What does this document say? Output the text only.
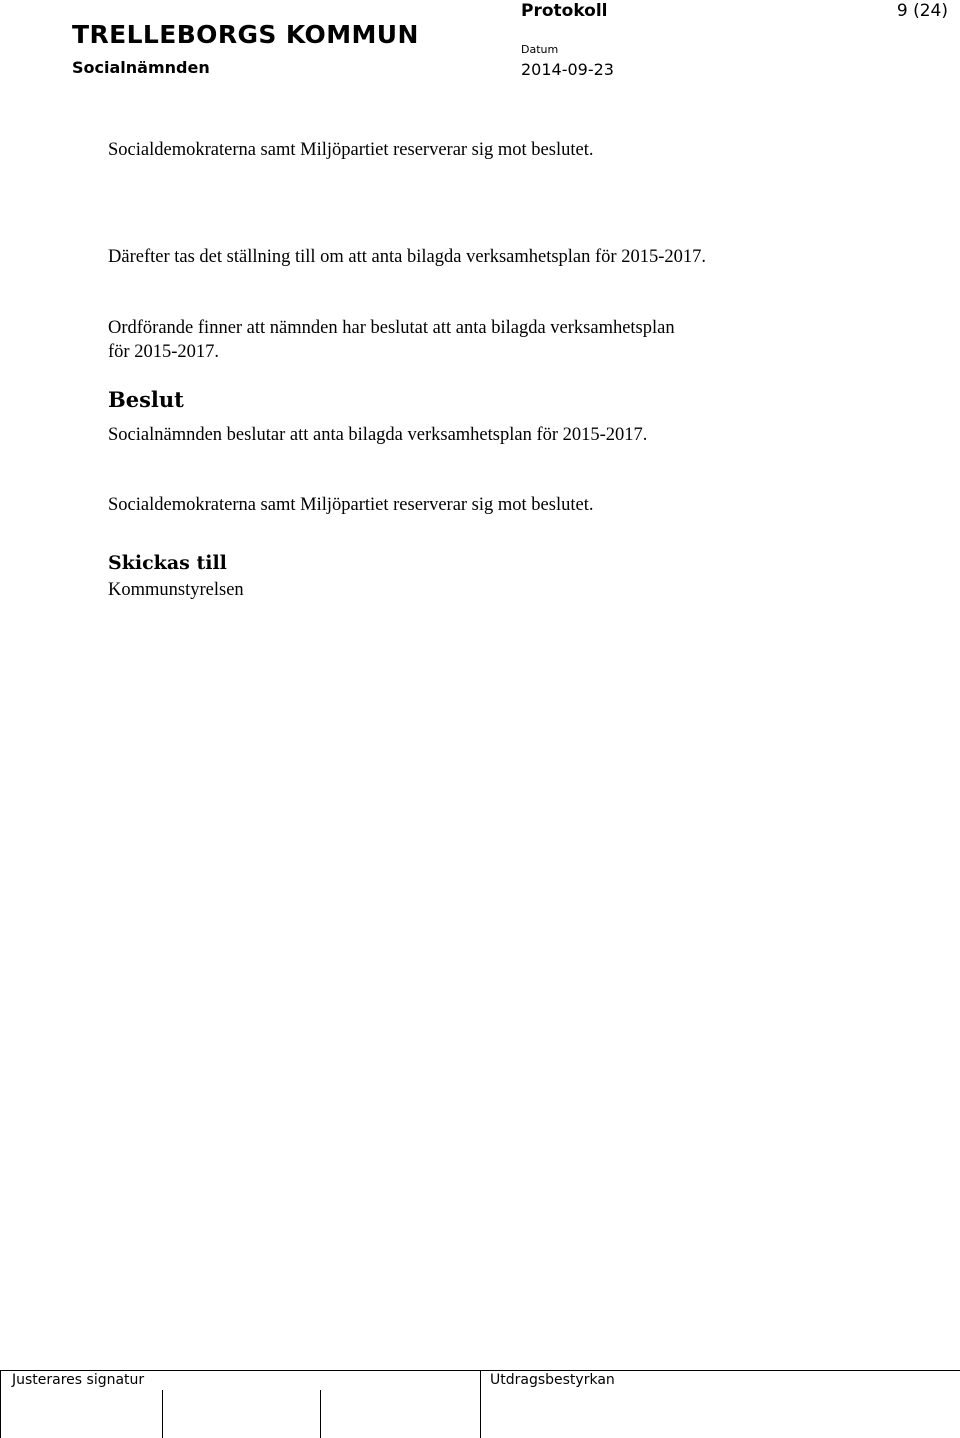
TRELLEBORGS KOMMUN
Socialnämnden
Protokoll	9 (24)
Datum
2014-09-23
Socialdemokraterna samt Miljöpartiet reserverar sig mot beslutet.
Därefter tas det ställning till om att anta bilagda verksamhetsplan för 2015-2017.
Ordförande finner att nämnden har beslutat att anta bilagda verksamhetsplan
för 2015-2017.
Beslut
Socialnämnden beslutar att anta bilagda verksamhetsplan för 2015-2017.
Socialdemokraterna samt Miljöpartiet reserverar sig mot beslutet.
Skickas till
Kommunstyrelsen
Justerares signatur	Utdragsbestyrkan
